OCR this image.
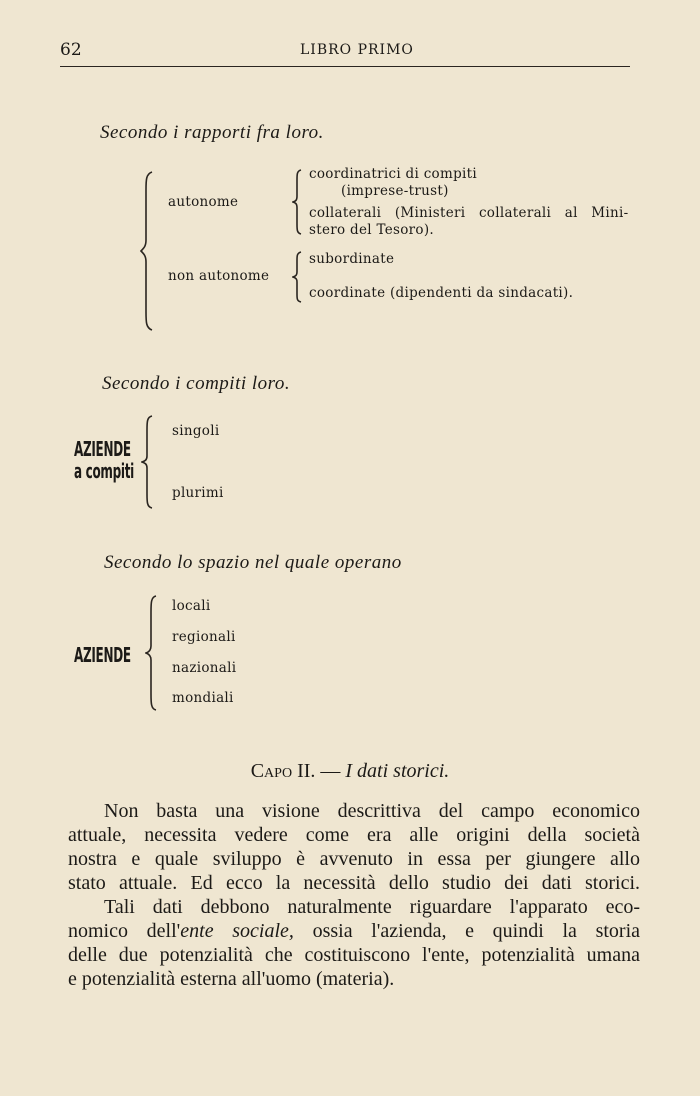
62	LIBRO PRIMO
Secondo i rapporti fra loro.
autonome
coordinatrici di compiti
(imprese-trust)
collaterali (Ministeri collaterali al Mini-
stero del Tesoro).
non autonome
subordinate
coordinate (dipendenti da sindacati).
Secondo i compiti loro.
AZIENDE
a compiti
singoli
plurimi
Secondo lo spazio nel quale operano
AZIENDE
locali
regionali
nazionali
mondiali
Capo II. — I dati storici.
Non basta una visione descrittiva del campo economico
attuale, necessita vedere come era alle origini della società
nostra e quale sviluppo è avvenuto in essa per giungere allo
stato attuale. Ed ecco la necessità dello studio dei dati storici.
Tali dati debbono naturalmente riguardare l'apparato eco-
nomico dell'ente sociale, ossia l'azienda, e quindi la storia
delle due potenzialità che costituiscono l'ente, potenzialità umana
e potenzialità esterna all'uomo (materia).
